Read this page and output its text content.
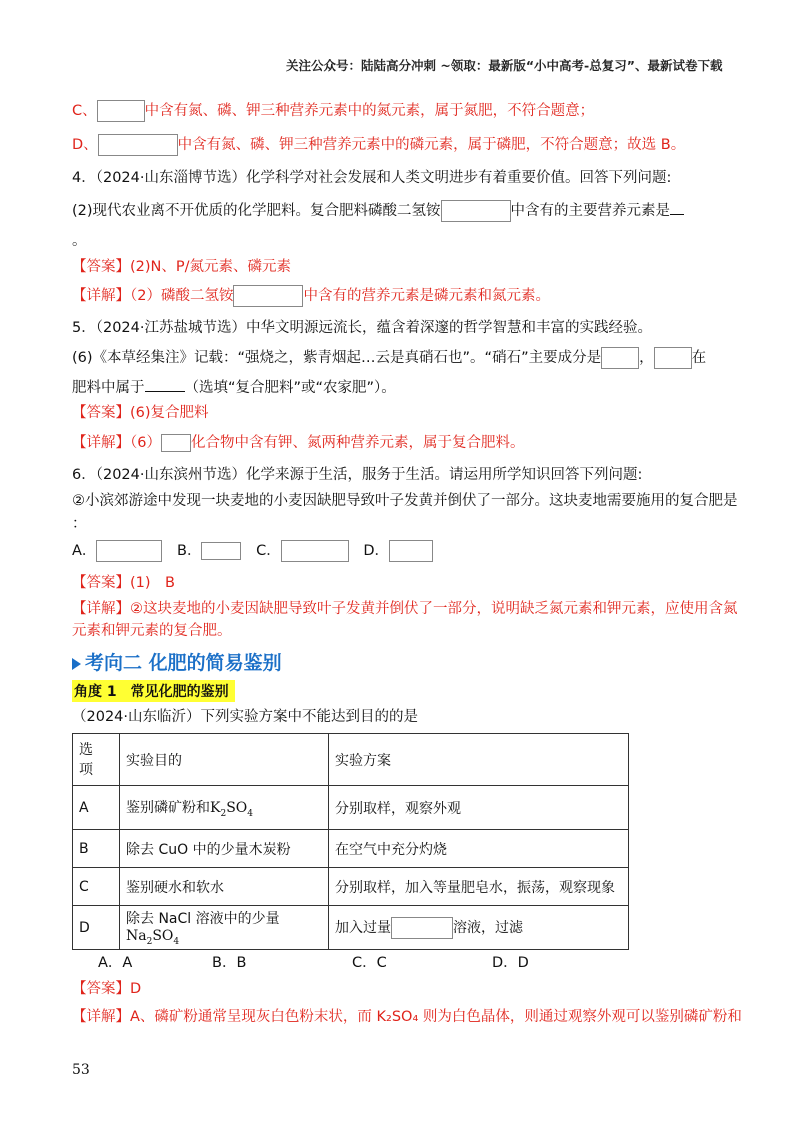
关注公众号：陆陆高分冲刺 ~领取：最新版“小中高考-总复习”、最新试卷下载
C、	中含有氮、磷、钾三种营养元素中的氮元素，属于氮肥，不符合题意；
D、	中含有氮、磷、钾三种营养元素中的磷元素，属于磷肥，不符合题意；故选 B。
4．（2024·山东淄博节选）化学科学对社会发展和人类文明进步有着重要价值。回答下列问题:
(2)现代农业离不开优质的化学肥料。复合肥料磷酸二氢铵	中含有的主要营养元素是
。
【答案】(2)N、P/氮元素、磷元素
【详解】（2）磷酸二氢铵	中含有的营养元素是磷元素和氮元素。
5．（2024·江苏盐城节选）中华文明源远流长，蕴含着深邃的哲学智慧和丰富的实践经验。
(6)《本草经集注》记载：“强烧之，紫青烟起…云是真硝石也”。“硝石”主要成分是	，	在
肥料中属于	（选填“复合肥料”或“农家肥”）。
【答案】(6)复合肥料
【详解】（6） 化合物中含有钾、氮两种营养元素，属于复合肥料。
6．（2024·山东滨州节选）化学来源于生活，服务于生活。请运用所学知识回答下列问题:
②小滨郊游途中发现一块麦地的小麦因缺肥导致叶子发黄并倒伏了一部分。这块麦地需要施用的复合肥是
：
A．	B．	C．	D．
【答案】(1)　B
【详解】②这块麦地的小麦因缺肥导致叶子发黄并倒伏了一部分，说明缺乏氮元素和钾元素，应使用含氮
元素和钾元素的复合肥。
考向二 化肥的简易鉴别
角度 1　常见化肥的鉴别
（2024·山东临沂）下列实验方案中不能达到目的的是
选
项	实验目的	实验方案
A	鉴别磷矿粉和$K_2SO_4$	分别取样，观察外观
B	除去 CuO 中的少量木炭粉	在空气中充分灼烧
C	鉴别硬水和软水	分别取样，加入等量肥皂水，振荡，观察现象
D	除去 NaCl 溶液中的少量$Na_2SO_4$	加入过量 溶液，过滤
A．A	B．B	C．C	D．D
【答案】D
【详解】A、磷矿粉通常呈现灰白色粉末状，而 K₂SO₄ 则为白色晶体，则通过观察外观可以鉴别磷矿粉和
53
